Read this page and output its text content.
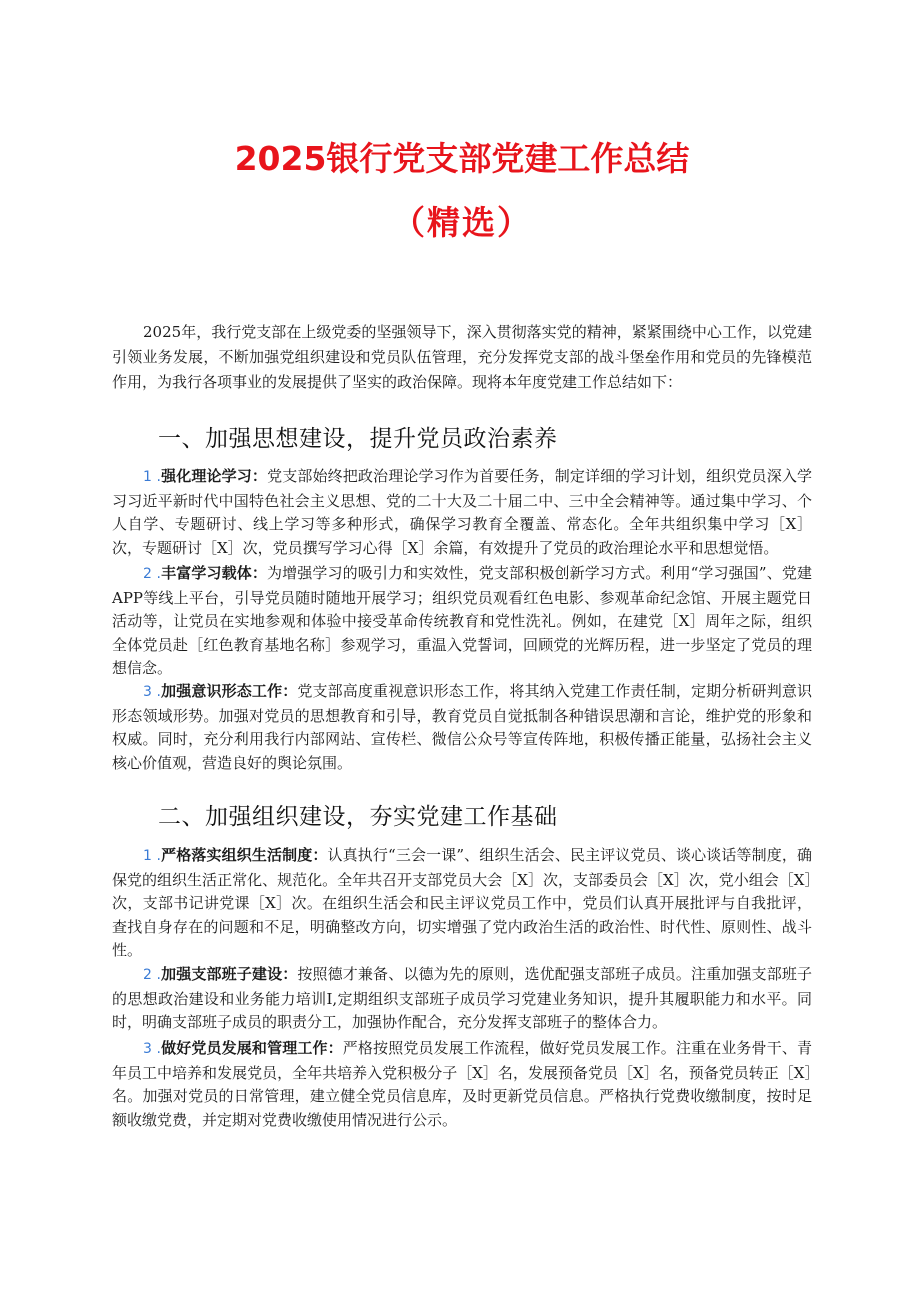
2025银行党支部党建工作总结
（精选）

2025年，我行党支部在上级党委的坚强领导下，深入贯彻落实党的精神，紧紧围绕中心工作，以党建引领业务发展，不断加强党组织建设和党员队伍管理，充分发挥党支部的战斗堡垒作用和党员的先锋模范作用，为我行各项事业的发展提供了坚实的政治保障。现将本年度党建工作总结如下：

一、加强思想建设，提升党员政治素养

1 .强化理论学习：党支部始终把政治理论学习作为首要任务，制定详细的学习计划，组织党员深入学习习近平新时代中国特色社会主义思想、党的二十大及二十届二中、三中全会精神等。通过集中学习、个人自学、专题研讨、线上学习等多种形式，确保学习教育全覆盖、常态化。全年共组织集中学习［X］次，专题研讨［X］次，党员撰写学习心得［X］余篇，有效提升了党员的政治理论水平和思想觉悟。

2 .丰富学习载体：为增强学习的吸引力和实效性，党支部积极创新学习方式。利用“学习强国”、党建APP等线上平台，引导党员随时随地开展学习；组织党员观看红色电影、参观革命纪念馆、开展主题党日活动等，让党员在实地参观和体验中接受革命传统教育和党性洗礼。例如，在建党［X］周年之际，组织全体党员赴［红色教育基地名称］参观学习，重温入党誓词，回顾党的光辉历程，进一步坚定了党员的理想信念。

3 .加强意识形态工作：党支部高度重视意识形态工作，将其纳入党建工作责任制，定期分析研判意识形态领域形势。加强对党员的思想教育和引导，教育党员自觉抵制各种错误思潮和言论，维护党的形象和权威。同时，充分利用我行内部网站、宣传栏、微信公众号等宣传阵地，积极传播正能量，弘扬社会主义核心价值观，营造良好的舆论氛围。

二、加强组织建设，夯实党建工作基础

1 .严格落实组织生活制度：认真执行“三会一课”、组织生活会、民主评议党员、谈心谈话等制度，确保党的组织生活正常化、规范化。全年共召开支部党员大会［X］次，支部委员会［X］次，党小组会［X］次，支部书记讲党课［X］次。在组织生活会和民主评议党员工作中，党员们认真开展批评与自我批评，查找自身存在的问题和不足，明确整改方向，切实增强了党内政治生活的政治性、时代性、原则性、战斗性。

2 .加强支部班子建设：按照德才兼备、以德为先的原则，选优配强支部班子成员。注重加强支部班子的思想政治建设和业务能力培训I,定期组织支部班子成员学习党建业务知识，提升其履职能力和水平。同时，明确支部班子成员的职责分工，加强协作配合，充分发挥支部班子的整体合力。

3 .做好党员发展和管理工作：严格按照党员发展工作流程，做好党员发展工作。注重在业务骨干、青年员工中培养和发展党员，全年共培养入党积极分子［X］名，发展预备党员［X］名，预备党员转正［X］名。加强对党员的日常管理，建立健全党员信息库，及时更新党员信息。严格执行党费收缴制度，按时足额收缴党费，并定期对党费收缴使用情况进行公示。
